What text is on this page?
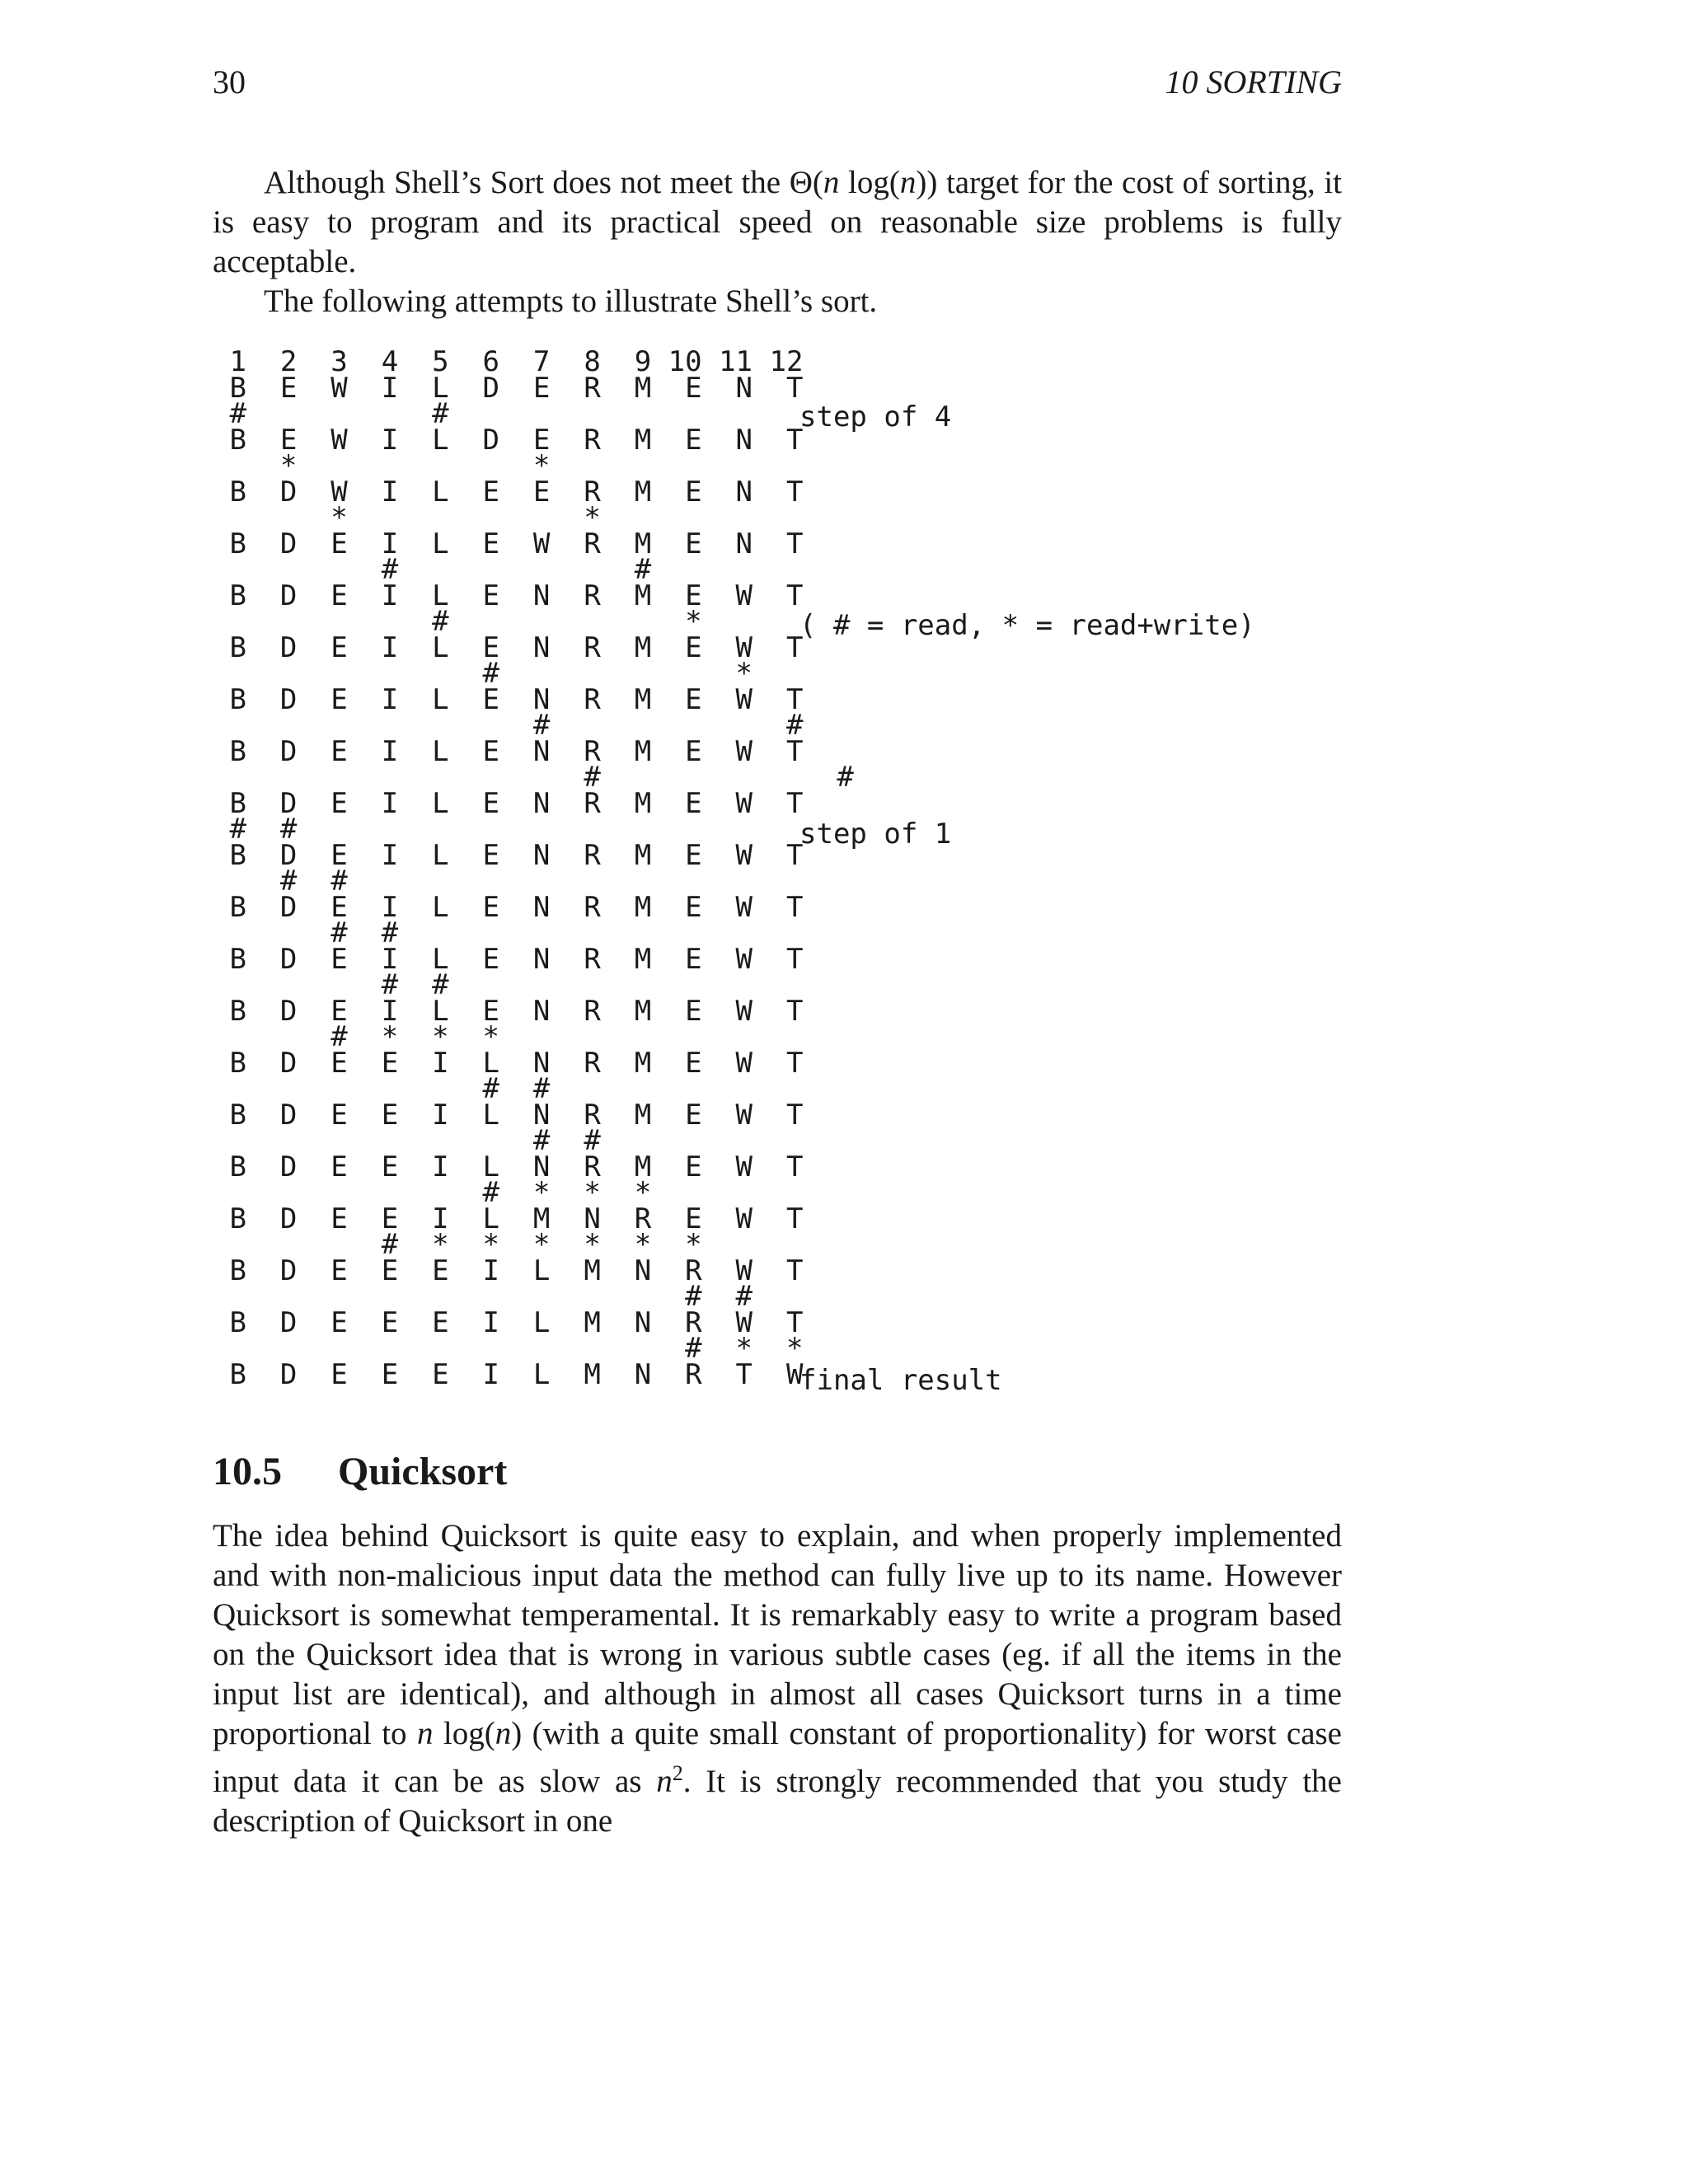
30	10 SORTING

Although Shell’s Sort does not meet the Θ(n log(n)) target for the cost of sorting, it is easy to program and its practical speed on reasonable size problems is fully acceptable.

The following attempts to illustrate Shell’s sort.

1  2  3  4  5  6  7  8  9 10 11 12
B  E  W  I  L  D  E  R  M  E  N  T
#           #
B  E  W  I  L  D  E  R  M  E  N  T
*              *
B  D  W  I  L  E  E  R  M  E  N  T
*              *
B  D  E  I  L  E  W  R  M  E  N  T
#              #
B  D  E  I  L  E  N  R  M  E  W  T
#              *
B  D  E  I  L  E  N  R  M  E  W  T
#              *
B  D  E  I  L  E  N  R  M  E  W  T
#              #
B  D  E  I  L  E  N  R  M  E  W  T
#              #
B  D  E  I  L  E  N  R  M  E  W  T
#  #
B  D  E  I  L  E  N  R  M  E  W  T
#  #
B  D  E  I  L  E  N  R  M  E  W  T
#  #
B  D  E  I  L  E  N  R  M  E  W  T
#  #
B  D  E  I  L  E  N  R  M  E  W  T
#  *  *  *
B  D  E  E  I  L  N  R  M  E  W  T
#  #
B  D  E  E  I  L  N  R  M  E  W  T
#  #
B  D  E  E  I  L  N  R  M  E  W  T
#  *  *  *
B  D  E  E  I  L  M  N  R  E  W  T
#  *  *  *  *  *  *
B  D  E  E  E  I  L  M  N  R  W  T
#  #
B  D  E  E  E  I  L  M  N  R  W  T
#  *  *
B  D  E  E  E  I  L  M  N  R  T  W
step of 4
( # = read, * = read+write)
step of 1
final result
10.5 Quicksort

The idea behind Quicksort is quite easy to explain, and when properly implemented and with non-malicious input data the method can fully live up to its name. However Quicksort is somewhat temperamental. It is remarkably easy to write a program based on the Quicksort idea that is wrong in various subtle cases (eg. if all the items in the input list are identical), and although in almost all cases Quicksort turns in a time proportional to n log(n) (with a quite small constant of proportionality) for worst case input data it can be as slow as $n^2$. It is strongly recommended that you study the description of Quicksort in one
